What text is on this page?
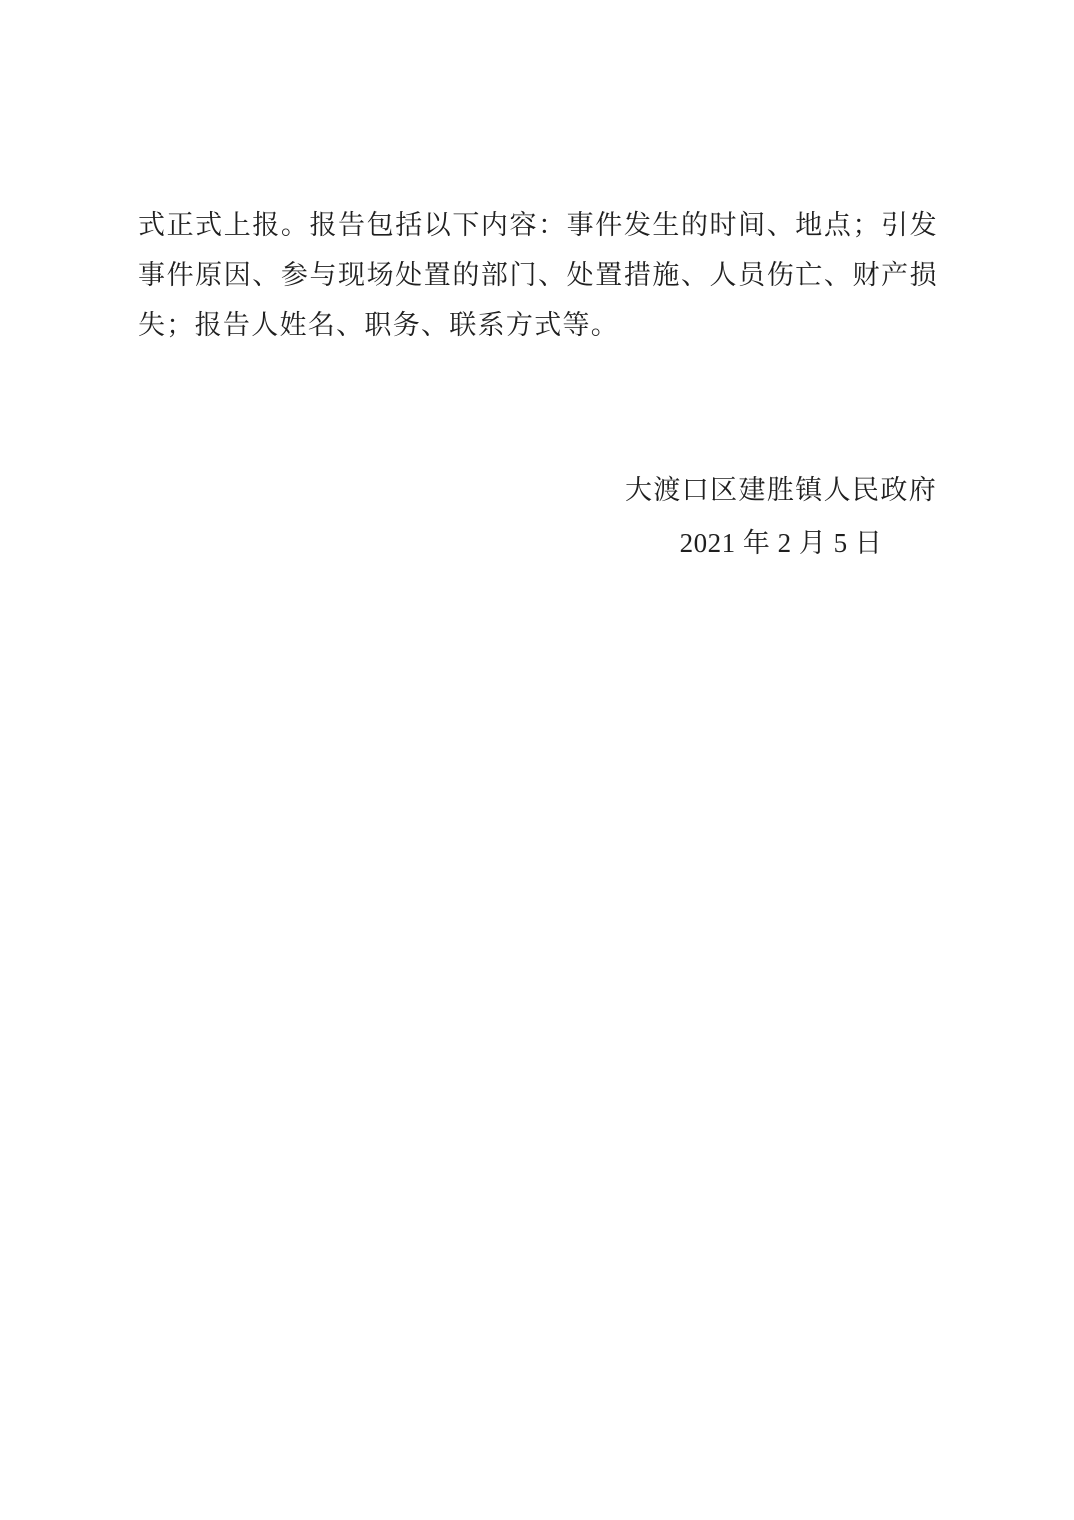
式正式上报。报告包括以下内容：事件发生的时间、地点；引发
事件原因、参与现场处置的部门、处置措施、人员伤亡、财产损
失；报告人姓名、职务、联系方式等。
大渡口区建胜镇人民政府
2021 年 2 月 5 日
